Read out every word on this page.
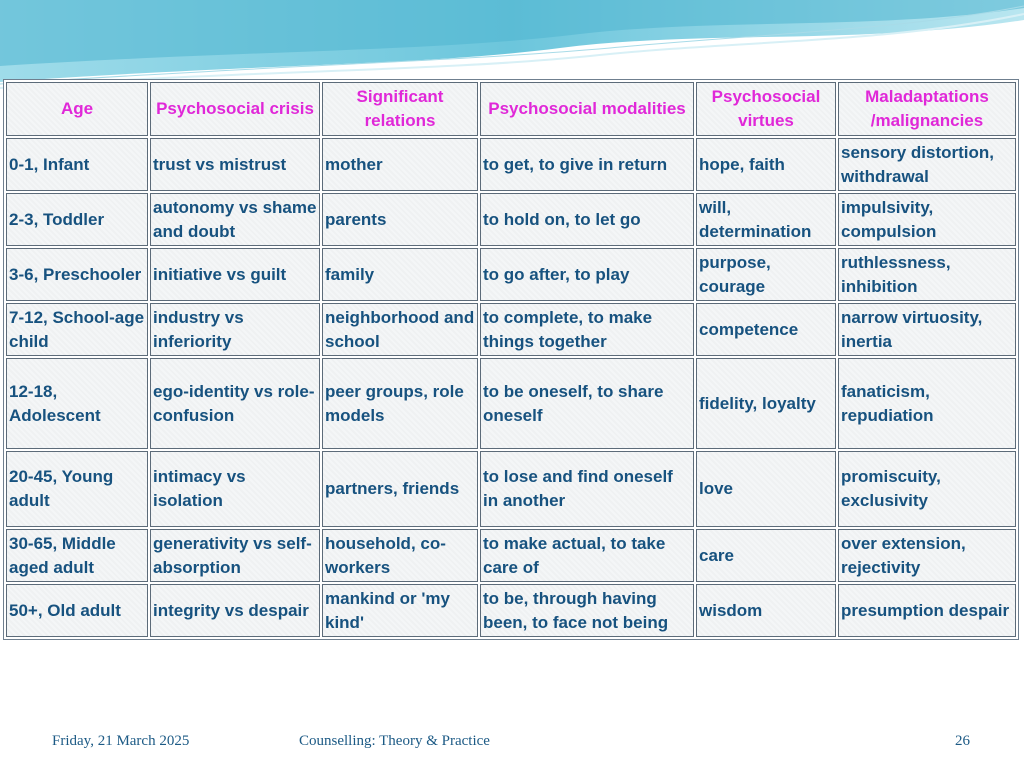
Age	Psychosocial crisis	Significant relations	Psychosocial modalities	Psychosocial virtues	Maladaptations /malignancies
0-1, Infant	trust vs mistrust	mother	to get, to give in return	hope, faith	sensory distortion, withdrawal
2-3, Toddler	autonomy vs shame and doubt	parents	to hold on, to let go	will, determination	impulsivity, compulsion
3-6, Preschooler	initiative vs guilt	family	to go after, to play	purpose, courage	ruthlessness, inhibition
7-12, School-age child	industry vs inferiority	neighborhood and school	to complete, to make things together	competence	narrow virtuosity, inertia
12-18, Adolescent	ego-identity vs role-confusion	peer groups, role models	to be oneself, to share oneself	fidelity, loyalty	fanaticism, repudiation
20-45, Young adult	intimacy vs isolation	partners, friends	to lose and find oneself in another	love	promiscuity, exclusivity
30-65, Middle aged adult	generativity vs self-absorption	household, co-workers	to make actual, to take care of	care	over extension, rejectivity
50+, Old adult	integrity vs despair	mankind or 'my kind'	to be, through having been, to face not being	wisdom	presumption despair
Friday, 21 March 2025	Counselling: Theory & Practice	26
